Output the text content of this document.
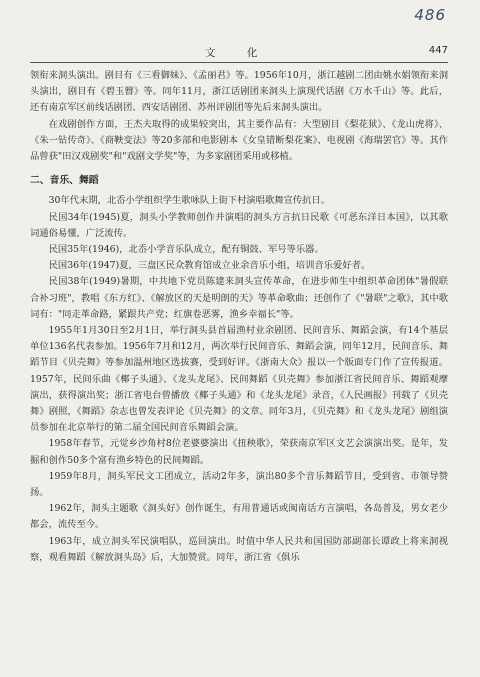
486
文 化	447

领衔来洞头演出。剧目有《三看御妹》、《孟丽君》等。1956年10月，浙江越剧二团由姚水娟领衔来洞头演出，剧目有《碧玉簪》等。同年11月，浙江话剧团来洞头上演现代话剧《万水千山》等。此后，还有南京军区前线话剧团、西安话剧团、苏州评剧团等先后来洞头演出。

在戏剧创作方面，王杰夫取得的成果较突出，其主要作品有：大型剧目《梨花狱》、《龙山虎将》、《朱一钻传奇》、《商鞅变法》等20多部和电影剧本《女皇错断梨花案》、电视剧《海瑞罢官》等。其作品曾获"田汉戏剧奖"和"戏剧文学奖"等，为多家剧团采用或移植。

二、音乐、舞蹈

30年代末期，北岙小学组织学生歌咏队上街下村演唱歌舞宣传抗日。

民国34年(1945)夏，洞头小学教师创作并演唱的洞头方言抗日民歌《可恶东洋日本国》，以其歌词通俗易懂，广泛流传。

民国35年(1946)，北岙小学音乐队成立，配有铜鼓、军号等乐器。

民国36年(1947)夏，三盘区民众教育馆成立业余音乐小组，培训音乐爱好者。

民国38年(1949)暑期，中共地下党员陈建来洞头宣传革命，在进步师生中组织革命团体"暑假联合补习班"，教唱《东方红》、《解放区的天是明朗的天》等革命歌曲；还创作了《"暑联"之歌》，其中歌词有："同走革命路，紧跟共产党；红旗卷恶雾，渔乡幸福长"等。

1955年1月30日至2月1日，举行洞头县首届渔村业余剧团、民间音乐、舞蹈会演，有14个基层单位136名代表参加。1956年7月和12月，两次举行民间音乐、舞蹈会演，同年12月，民间音乐、舞蹈节目《贝壳舞》等参加温州地区选拔赛，受到好评。《浙南大众》报以一个版面专门作了宣传报道。1957年，民间乐曲《椰子头通》、《龙头龙尾》、民间舞蹈《贝壳舞》参加浙江省民间音乐、舞蹈观摩演出，获得演出奖；浙江省电台曾播放《椰子头通》和《龙头龙尾》录音，《人民画报》刊载了《贝壳舞》剧照，《舞蹈》杂志也曾发表评论《贝壳舞》的文章。同年3月，《贝壳舞》和《龙头龙尾》剧组演员参加在北京举行的第二届全国民间音乐舞蹈会演。

1958年春节，元觉乡沙角村8位老婆婆演出《扭秧歌》，荣获南京军区文艺会演演出奖。是年，发掘和创作50多个富有渔乡特色的民间舞蹈。

1959年8月，洞头军民文工团成立，活动2年多，演出80多个音乐舞蹈节目，受到省、市领导赞扬。

1962年，洞头主题歌《洞头好》创作诞生，有用普通话或闽南话方言演唱，各岛普及，男女老少都会，流传至今。

1963年，成立洞头军民演唱队，巡回演出。时值中华人民共和国国防部副部长谭政上将来洞视察，观看舞蹈《解放洞头岛》后，大加赞赏。同年，浙江省《俱乐
